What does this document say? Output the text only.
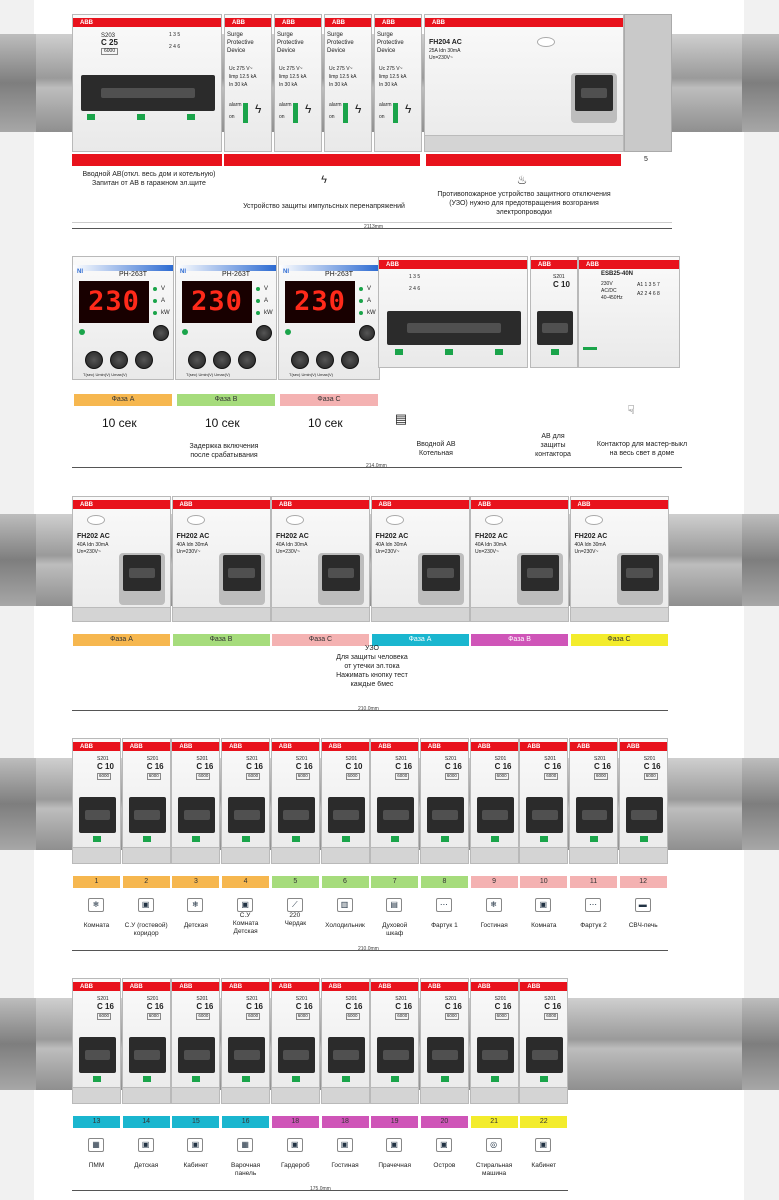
ABB
S203
C 25
6000
1 3 5
2 4 6
ABB
Surge Protective Device
Uc 275 V~
limp 12.5 kA
In 30 kA
alarm
on
ϟ
ABB
Surge Protective Device
Uc 275 V~
limp 12.5 kA
In 30 kA
alarm
on
ϟ
ABB
Surge Protective Device
Uc 275 V~
limp 12.5 kA
In 30 kA
alarm
on
ϟ
ABB
Surge Protective Device
Uc 275 V~
limp 12.5 kA
In 30 kA
alarm
on
ϟ
ABB
FH204 AC
25A Idn 30mA
Un=230V~
5
Вводной АВ(откл. весь дом и котельную)
Запитан от АВ в гаражном эл.щите	ϟ
Устройство защиты импульсных перенапряжений
♨
Противопожарное устройство защитного отключения
(УЗО) нужно для предотвращения возгорания
электропроводки
2113mm
PH-263T
NI
230	V
A
kW
T(sec) Umin(V) Umax(V)
Фаза A
10 сек
PH-263T
NI
230	V
A
kW
T(sec) Umin(V) Umax(V)
Фаза B
10 сек
PH-263T
NI
230	V
A
kW
T(sec) Umin(V) Umax(V)
Фаза C
10 сек
ABB
1 3 5
2 4 6
ABB
S201
C 10
ABB
ESB25-40N
230V
AC/DC
40-450Hz
A1 1 3 5 7
A2 2 4 6 8
▤
Вводной АВ
Котельная
АВ для
защиты
контактора
☟
Контактор для мастер-выкл
на весь свет в доме
Задержка включения
после срабатывания
214.0mm
ABB
FH202 AC
40A Idn 30mA
Un=230V~
Фаза A
ABB
FH202 AC
40A Idn 30mA
Un=230V~
Фаза B
ABB
FH202 AC
40A Idn 30mA
Un=230V~
Фаза C
ABB
FH202 AC
40A Idn 30mA
Un=230V~
Фаза A
ABB
FH202 AC
40A Idn 30mA
Un=230V~
Фаза B
ABB
FH202 AC
40A Idn 30mA
Un=230V~
Фаза C
УЗО
Для защиты человека
от утечки эл.тока
Нажимать кнопку тест
каждые 6мес
210.0mm
ABB
S201
C 10
6000
1
❄
Комната
ABB
S201
C 16
6000
2
▣
С.У (гостевой)
коридор
ABB
S201
C 16
6000
3
❄
Детская
ABB
S201
C 16
6000
4
▣
С.У
Комната
Детская
ABB
S201
C 16
6000
5
⟋
220
Чердак
ABB
S201
C 10
6000
6
▥
Холодильник
ABB
S201
C 16
6000
7
▤
Духовой
шкаф
ABB
S201
C 16
6000
8
⋯
Фартук 1
ABB
S201
C 16
6000
9
❄
Гостиная
ABB
S201
C 16
6000
10
▣
Комната
ABB
S201
C 16
6000
11
⋯
Фартук 2
ABB
S201
C 16
6000
12
▬
СВЧ-печь
210.0mm
ABB
S201
C 16
6000
13
▦
ПММ
ABB
S201
C 16
6000
14
▣
Детская
ABB
S201
C 16
6000
15
▣
Кабинет
ABB
S201
C 16
6000
16
▦
Варочная
панель
ABB
S201
C 16
6000
18
▣
Гардероб
ABB
S201
C 16
6000
18
▣
Гостиная
ABB
S201
C 16
6000
19
▣
Прачечная
ABB
S201
C 16
6000
20
▣
Остров
ABB
S201
C 16
6000
21
◎
Стиральная
машина
ABB
S201
C 16
6000
22
▣
Кабинет
175.0mm
